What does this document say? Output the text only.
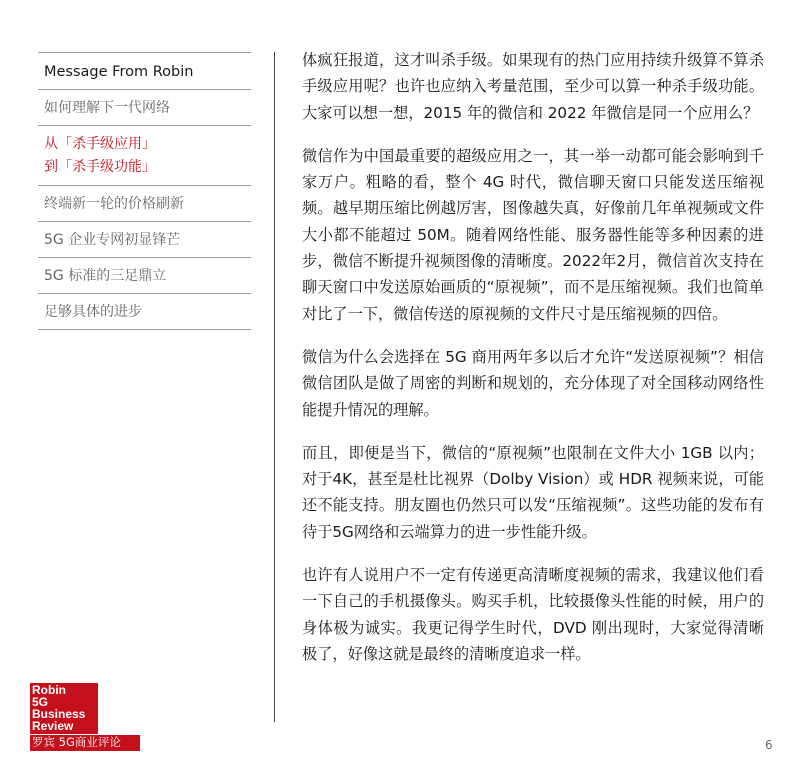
Message From Robin
如何理解下一代网络
从「杀手级应用」
到「杀手级功能」
终端新一轮的价格刷新
5G 企业专网初显锋芒
5G 标准的三足鼎立
足够具体的进步

体疯狂报道，这才叫杀手级。如果现有的热门应用持续升级算不算杀手级应用呢？也许也应纳入考量范围，至少可以算一种杀手级功能。大家可以想一想，2015 年的微信和 2022 年微信是同一个应用么？

微信作为中国最重要的超级应用之一，其一举一动都可能会影响到千家万户。粗略的看，整个 4G 时代，微信聊天窗口只能发送压缩视频。越早期压缩比例越厉害，图像越失真，好像前几年单视频或文件大小都不能超过 50M。随着网络性能、服务器性能等多种因素的进步，微信不断提升视频图像的清晰度。2022年2月，微信首次支持在聊天窗口中发送原始画质的“原视频”，而不是压缩视频。我们也简单对比了一下，微信传送的原视频的文件尺寸是压缩视频的四倍。

微信为什么会选择在 5G 商用两年多以后才允许“发送原视频”？相信微信团队是做了周密的判断和规划的，充分体现了对全国移动网络性能提升情况的理解。

而且，即便是当下，微信的“原视频”也限制在文件大小 1GB 以内；对于4K，甚至是杜比视界（Dolby Vision）或 HDR 视频来说，可能还不能支持。朋友圈也仍然只可以发“压缩视频”。这些功能的发布有待于5G网络和云端算力的进一步性能升级。

也许有人说用户不一定有传递更高清晰度视频的需求，我建议他们看一下自己的手机摄像头。购买手机，比较摄像头性能的时候，用户的身体极为诚实。我更记得学生时代，DVD 刚出现时，大家觉得清晰极了，好像这就是最终的清晰度追求一样。

Robin
5G
Business
Review
罗宾 5G商业评论	6
